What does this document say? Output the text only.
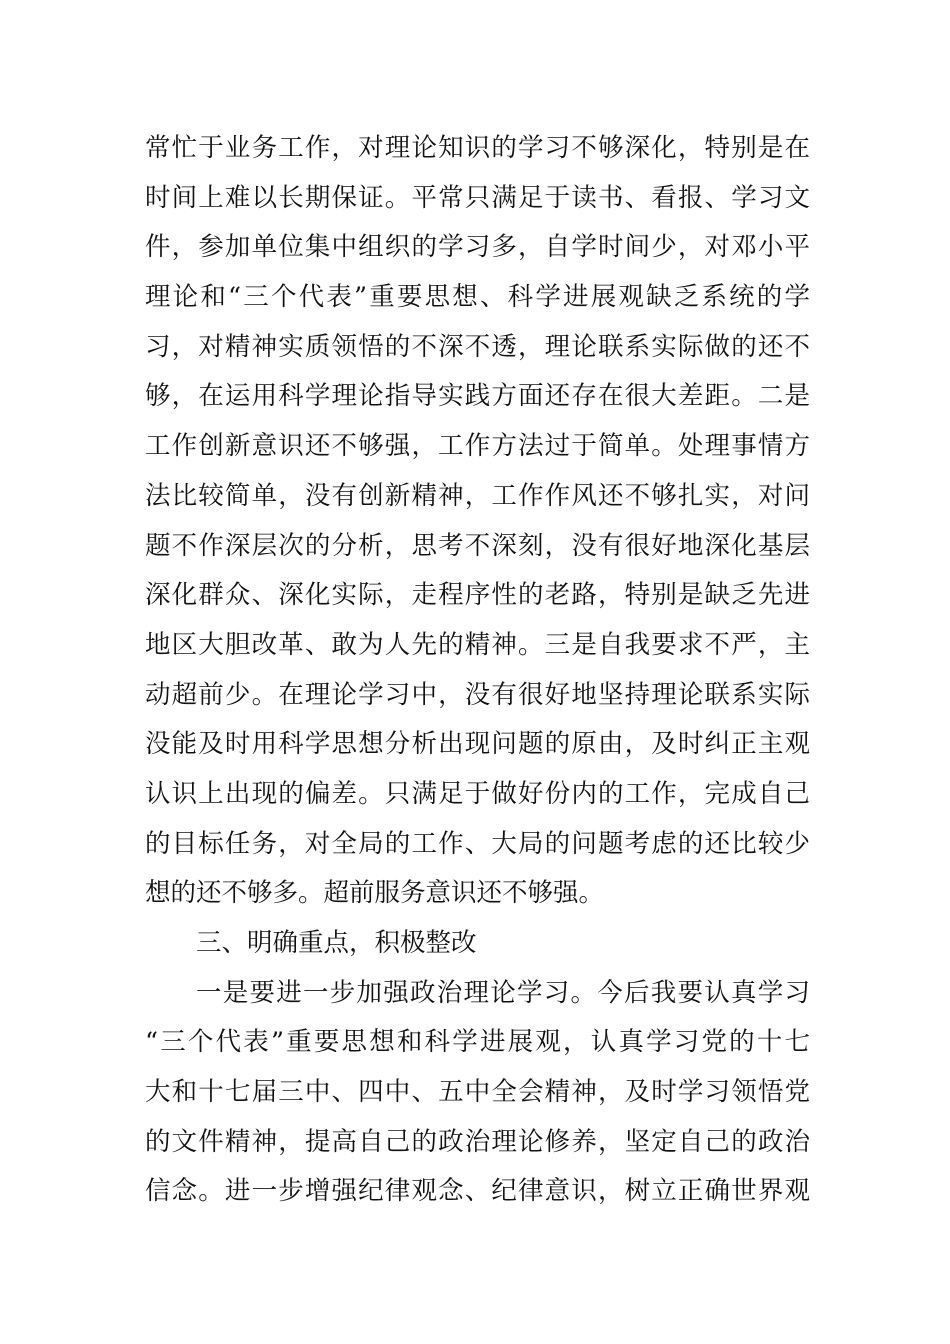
常忙于业务工作，对理论知识的学习不够深化，特别是在
时间上难以长期保证。平常只满足于读书、看报、学习文
件，参加单位集中组织的学习多，自学时间少，对邓小平
理论和“三个代表”重要思想、科学进展观缺乏系统的学
习，对精神实质领悟的不深不透，理论联系实际做的还不
够，在运用科学理论指导实践方面还存在很大差距。二是
工作创新意识还不够强，工作方法过于简单。处理事情方
法比较简单，没有创新精神，工作作风还不够扎实，对问
题不作深层次的分析，思考不深刻，没有很好地深化基层
深化群众、深化实际，走程序性的老路，特别是缺乏先进
地区大胆改革、敢为人先的精神。三是自我要求不严，主
动超前少。在理论学习中，没有很好地坚持理论联系实际
没能及时用科学思想分析出现问题的原由，及时纠正主观
认识上出现的偏差。只满足于做好份内的工作，完成自己
的目标任务，对全局的工作、大局的问题考虑的还比较少
想的还不够多。超前服务意识还不够强。
三、明确重点，积极整改
一是要进一步加强政治理论学习。今后我要认真学习
“三个代表”重要思想和科学进展观，认真学习党的十七
大和十七届三中、四中、五中全会精神，及时学习领悟党
的文件精神，提高自己的政治理论修养，坚定自己的政治
信念。进一步增强纪律观念、纪律意识，树立正确世界观
